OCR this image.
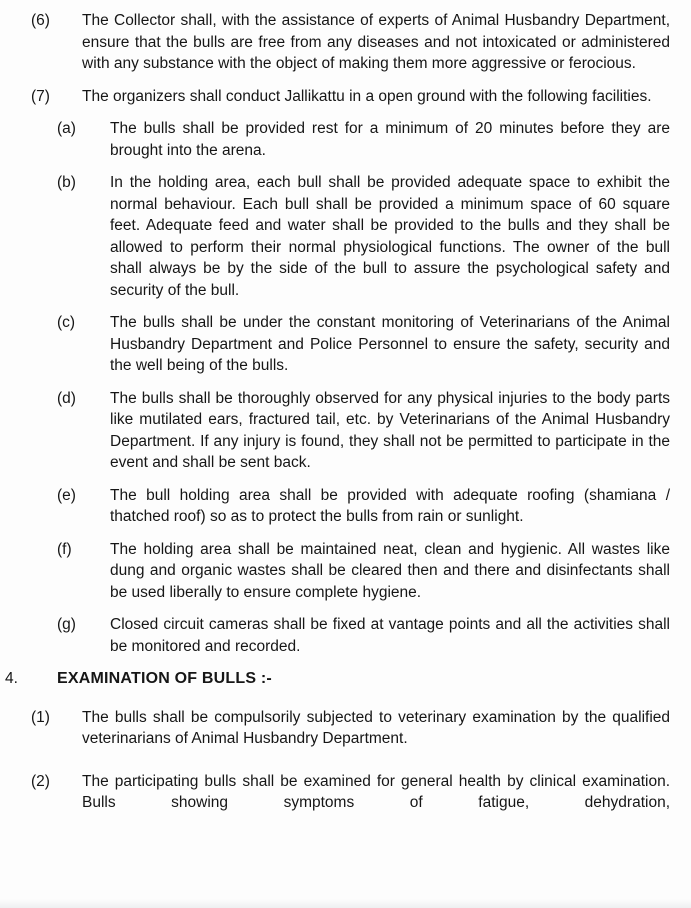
(6)	The Collector shall, with the assistance of experts of Animal Husbandry Department, ensure that the bulls are free from any diseases and not intoxicated or administered with any substance with the object of making them more aggressive or ferocious.
(7)	The organizers shall conduct Jallikattu in a open ground with the following facilities.
(a)	The bulls shall be provided rest for a minimum of 20 minutes before they are brought into the arena.
(b)	In the holding area, each bull shall be provided adequate space to exhibit the normal behaviour. Each bull shall be provided a minimum space of 60 square feet. Adequate feed and water shall be provided to the bulls and they shall be allowed to perform their normal physiological functions. The owner of the bull shall always be by the side of the bull to assure the psychological safety and security of the bull.
(c)	The bulls shall be under the constant monitoring of Veterinarians of the Animal Husbandry Department and Police Personnel to ensure the safety, security and the well being of the bulls.
(d)	The bulls shall be thoroughly observed for any physical injuries to the body parts like mutilated ears, fractured tail, etc. by Veterinarians of the Animal Husbandry Department. If any injury is found, they shall not be permitted to participate in the event and shall be sent back.
(e)	The bull holding area shall be provided with adequate roofing (shamiana / thatched roof) so as to protect the bulls from rain or sunlight.
(f)	The holding area shall be maintained neat, clean and hygienic. All wastes like dung and organic wastes shall be cleared then and there and disinfectants shall be used liberally to ensure complete hygiene.
(g)	Closed circuit cameras shall be fixed at vantage points and all the activities shall be monitored and recorded.
4.	EXAMINATION OF BULLS :-
(1)	The bulls shall be compulsorily subjected to veterinary examination by the qualified veterinarians of Animal Husbandry Department.
(2)	The participating bulls shall be examined for general health by clinical examination. Bulls showing symptoms of fatigue, dehydration,
